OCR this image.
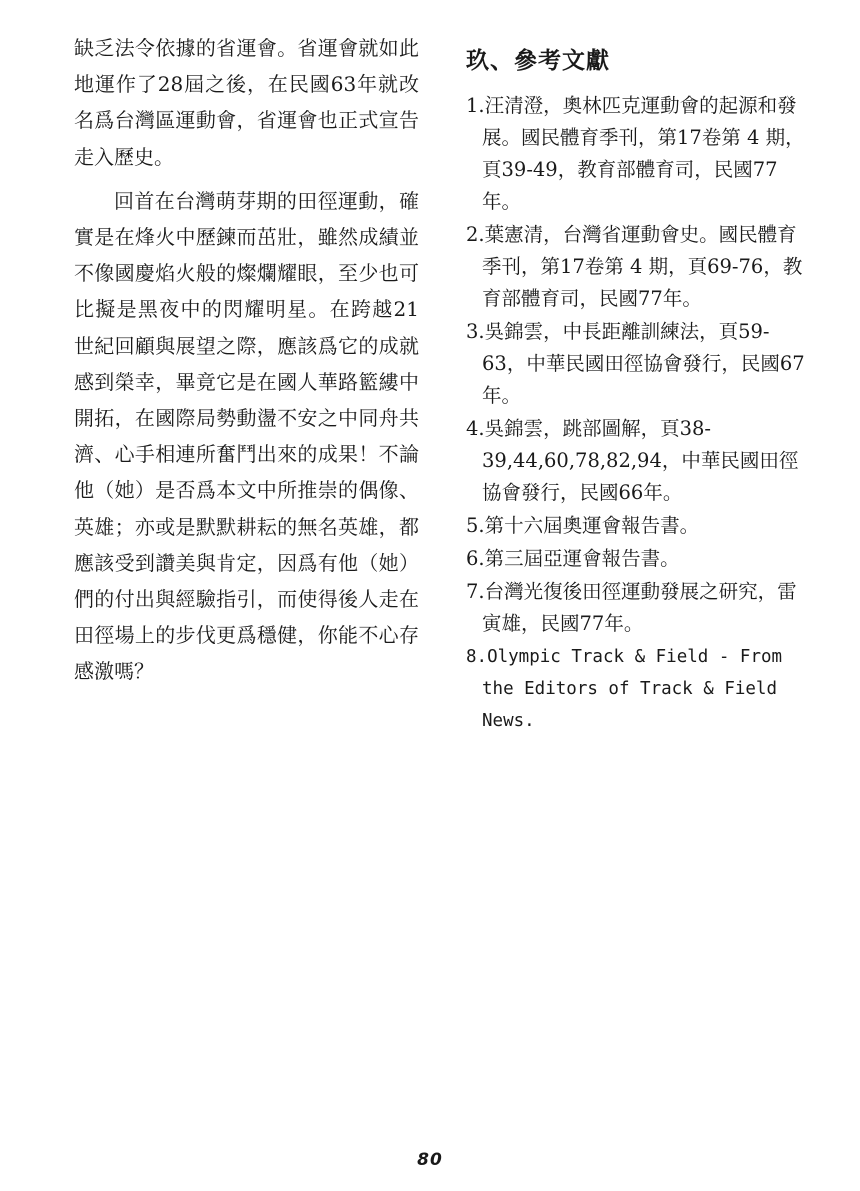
缺乏法令依據的省運會。省運會就如此地運作了28屆之後，在民國63年就改名爲台灣區運動會，省運會也正式宣告走入歷史。

回首在台灣萌芽期的田徑運動，確實是在烽火中歷鍊而茁壯，雖然成績並不像國慶焰火般的燦爛耀眼，至少也可比擬是黑夜中的閃耀明星。在跨越21世紀回顧與展望之際，應該爲它的成就感到榮幸，畢竟它是在國人華路籃縷中開拓，在國際局勢動盪不安之中同舟共濟、心手相連所奮鬥出來的成果！不論他（她）是否爲本文中所推崇的偶像、英雄；亦或是默默耕耘的無名英雄，都應該受到讚美與肯定，因爲有他（她）們的付出與經驗指引，而使得後人走在田徑場上的步伐更爲穩健，你能不心存感激嗎？

玖、參考文獻
1.汪清澄，奧林匹克運動會的起源和發展。國民體育季刊，第17卷第 4 期，頁39-49，教育部體育司，民國77年。
2.葉憲清，台灣省運動會史。國民體育季刊，第17卷第 4 期，頁69-76，教育部體育司，民國77年。
3.吳錦雲，中長距離訓練法，頁59-63，中華民國田徑協會發行，民國67年。
4.吳錦雲，跳部圖解，頁38-39,44,60,78,82,94，中華民國田徑協會發行，民國66年。
5.第十六屆奧運會報告書。
6.第三屆亞運會報告書。
7.台灣光復後田徑運動發展之研究，雷寅雄，民國77年。
8.Olympic Track & Field - From the Editors of Track & Field News.
80
